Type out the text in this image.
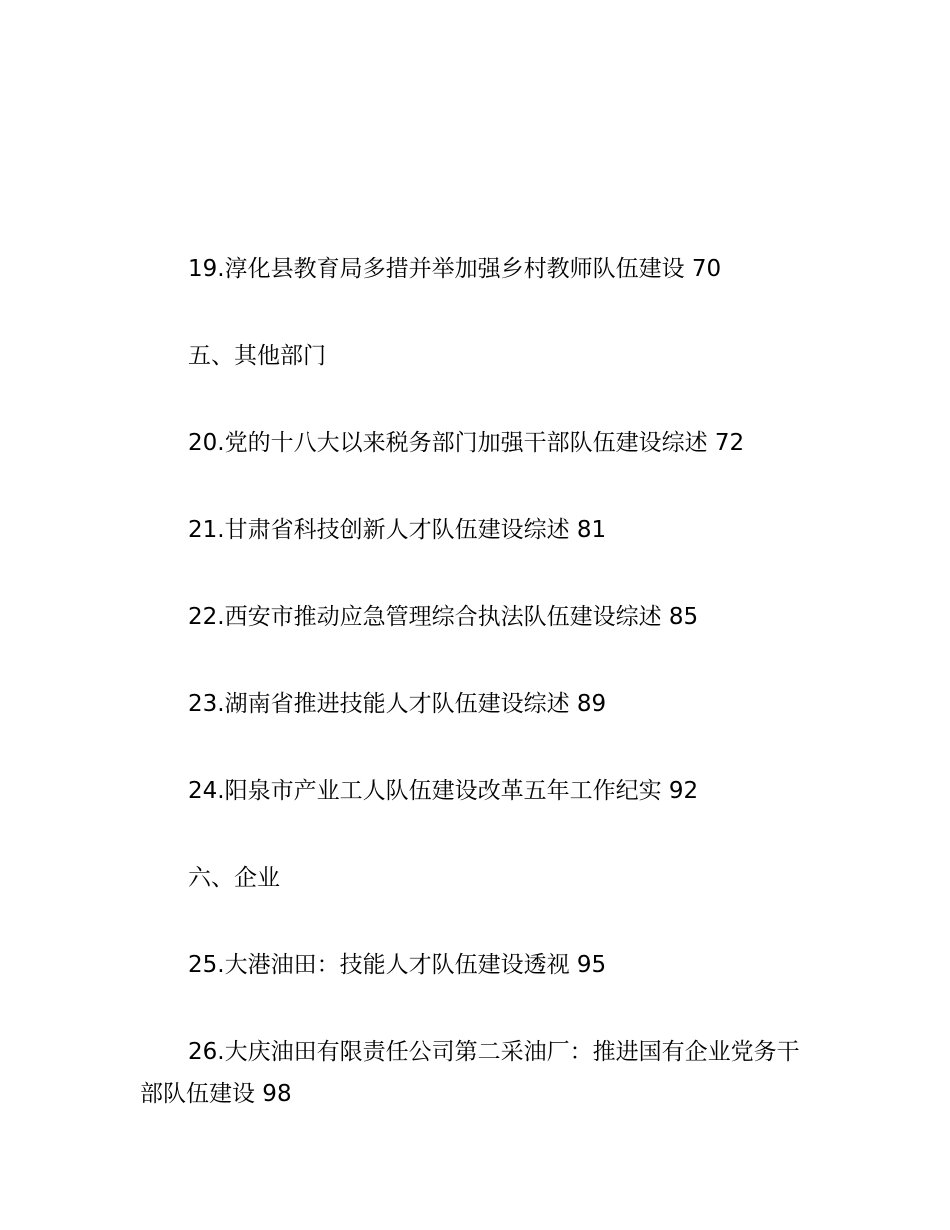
19.淳化县教育局多措并举加强乡村教师队伍建设 70

五、其他部门

20.党的十八大以来税务部门加强干部队伍建设综述 72

21.甘肃省科技创新人才队伍建设综述 81

22.西安市推动应急管理综合执法队伍建设综述 85

23.湖南省推进技能人才队伍建设综述 89

24.阳泉市产业工人队伍建设改革五年工作纪实 92

六、企业

25.大港油田：技能人才队伍建设透视 95

26.大庆油田有限责任公司第二采油厂：推进国有企业党务干部队伍建设 98
